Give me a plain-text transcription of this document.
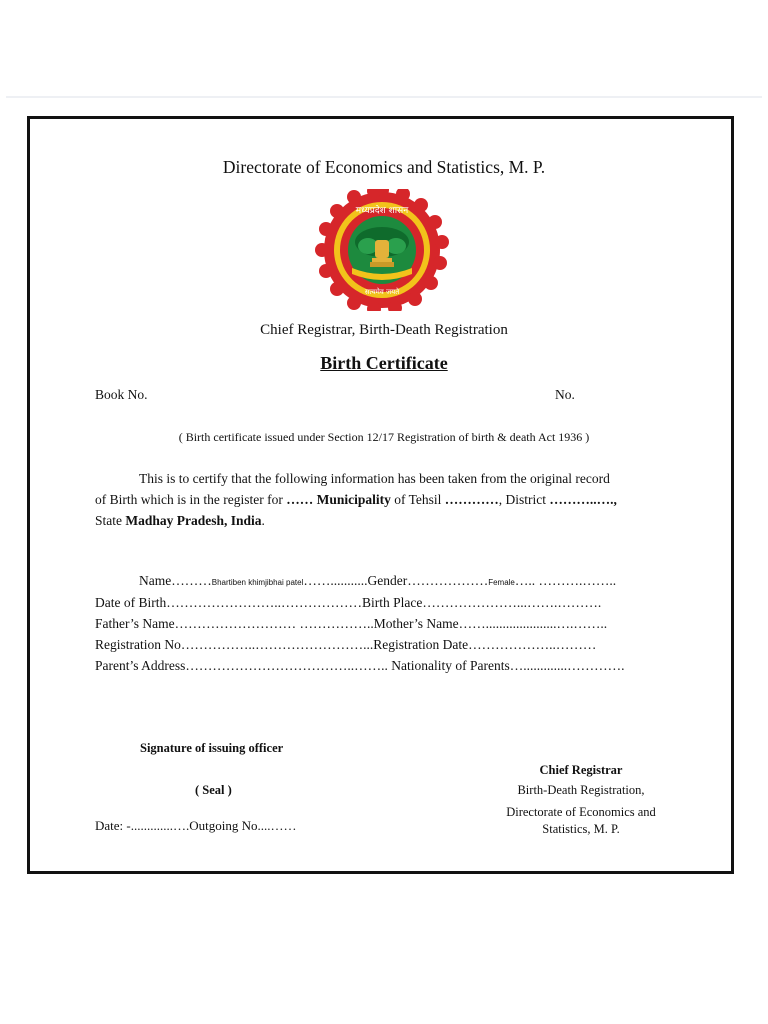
Directorate of Economics and Statistics, M. P.
मध्यप्रदेश शासन
सत्यमेव जयते
Chief Registrar, Birth-Death Registration
Birth Certificate
Book No.	No.
( Birth certificate issued under Section 12/17 Registration of birth & death Act 1936 )
This is to certify that the following information has been taken from the original record
of Birth which is in the register for …… Municipality of Tehsil …………, District ………..….,
State Madhay Pradesh, India.
Name………Bhartiben khimjibhai patel……...........Gender………………Female….. ……….……..
Date of Birth……………………..………………Birth Place…………………...…….……….
Father’s Name……………………… ……………..Mother’s Name…….....................….……..
Registration No……………..……………………...Registration Date………………..………
Parent’s Address………………………………..…….. Nationality of Parents….............………….
Signature of issuing officer
( Seal )
Date: -.............….Outgoing No....……
Chief Registrar
Birth-Death Registration,
Directorate of Economics and
Statistics, M. P.
